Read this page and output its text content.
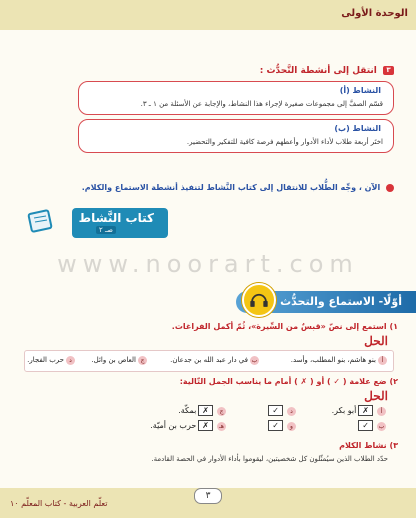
الوحدة الأولى
٣ انتقل إلى أنشطة التَّحدُّث :
النشاط (أ)
قسّم الصفَّ إلى مجموعات صغيرة لإجراء هذا النشاط، والإجابة عن الأسئلة من ١ ـ ٣.
النشاط (ب)
اختَر أربعة طلاب لأداء الأدوار وأعطهم فرصة كافية للتفكير والتحضير.
الآن ، وجِّه الطُّلاب للانتقال إلى كتاب النَّشاط لتنفيذ أنشطة الاستماع والكلام.
كتاب النَّشاط
صـ ٢
www.noorart.com
أوّلًا- الاستماع والتحدُّث
١) استمع إلى نصّ «قبسٌ من السِّيرة»، ثُمّ أكمل الفراغات.
الحل
أبنو هاشم، بنو المطلب، وأسد.
بفي دار عبد الله بن جدعان.
جالعاص بن وائل.
دحرب الفجار.
٢) ضع علامة ( ✓ ) أو ( ✗ ) أمام ما يناسب الجمل التّالية:
الحل
أ✗أبو بكر.
ج✗بمكّة.
ب✓
هـ✗حرب بن أميّة.
د✓
و✓
٣) نشاط الكلام
حدّد الطلاب الذين سيُمثّلون كل شخصيتين، ليقوموا بأداء الأدوار في الحصة القادمة.
تعلّم العربية - كتاب المعلّم ١٠
٣
